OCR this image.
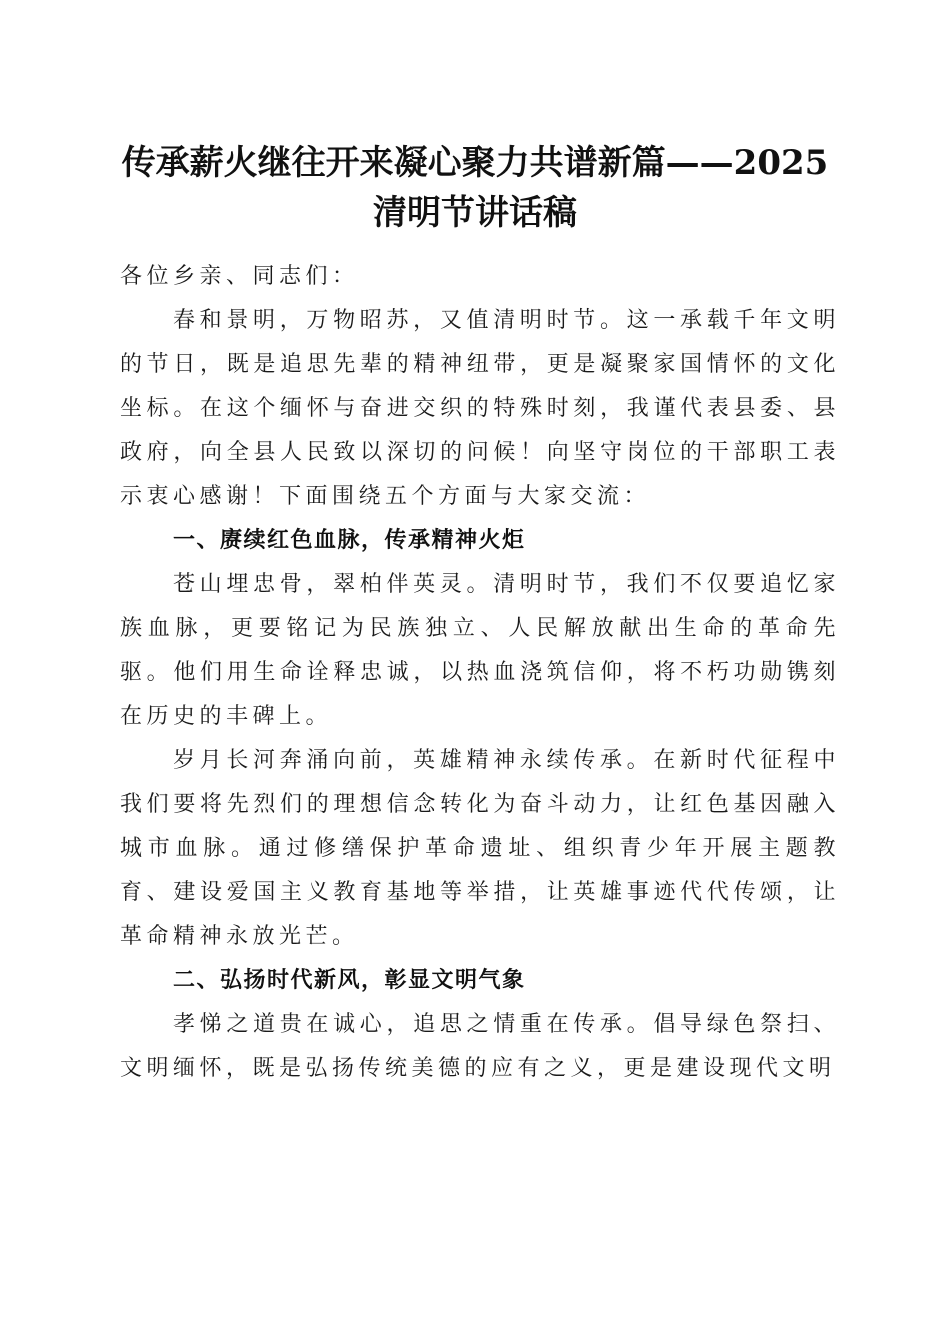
传承薪火继往开来凝心聚力共谱新篇——2025
清明节讲话稿

各位乡亲、同志们：

春和景明，万物昭苏，又值清明时节。这一承载千年文明的节日，既是追思先辈的精神纽带，更是凝聚家国情怀的文化坐标。在这个缅怀与奋进交织的特殊时刻，我谨代表县委、县政府，向全县人民致以深切的问候！向坚守岗位的干部职工表示衷心感谢！下面围绕五个方面与大家交流：

一、赓续红色血脉，传承精神火炬

苍山埋忠骨，翠柏伴英灵。清明时节，我们不仅要追忆家族血脉，更要铭记为民族独立、人民解放献出生命的革命先驱。他们用生命诠释忠诚，以热血浇筑信仰，将不朽功勋镌刻在历史的丰碑上。

岁月长河奔涌向前，英雄精神永续传承。在新时代征程中我们要将先烈们的理想信念转化为奋斗动力，让红色基因融入城市血脉。通过修缮保护革命遗址、组织青少年开展主题教育、建设爱国主义教育基地等举措，让英雄事迹代代传颂，让革命精神永放光芒。

二、弘扬时代新风，彰显文明气象

孝悌之道贵在诚心，追思之情重在传承。倡导绿色祭扫、文明缅怀，既是弘扬传统美德的应有之义，更是建设现代文明
